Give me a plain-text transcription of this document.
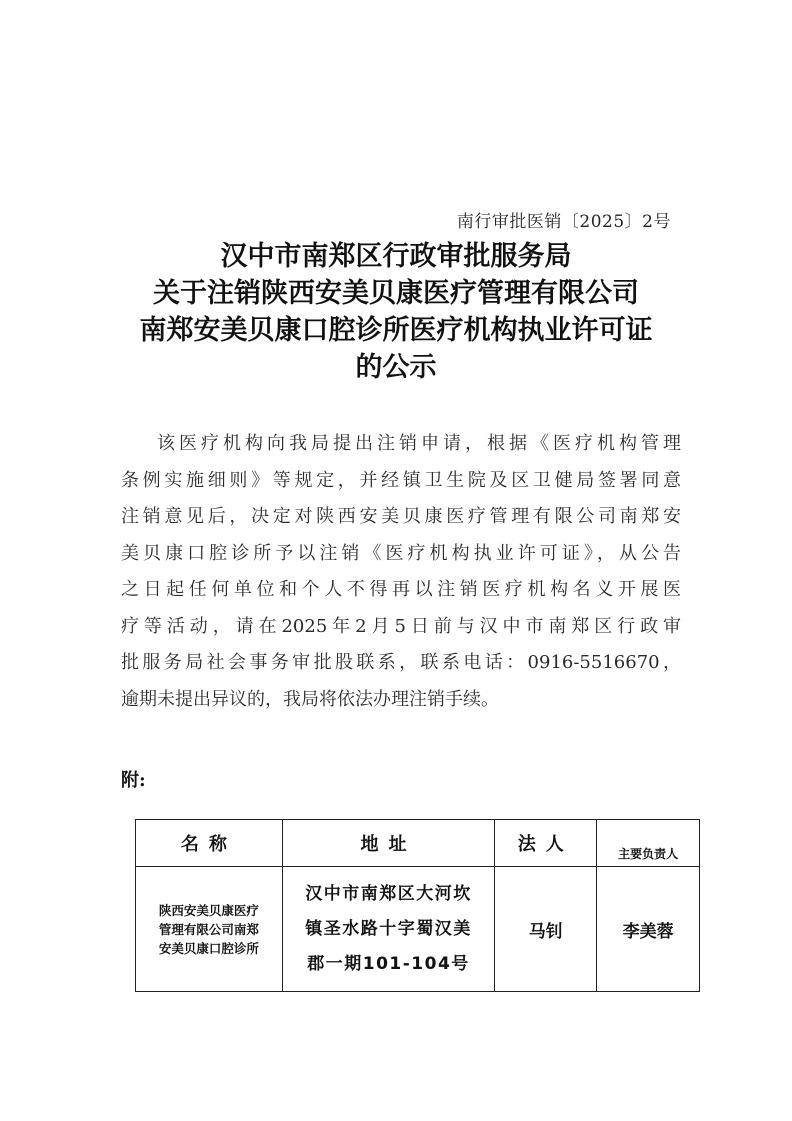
南行审批医销〔2025〕2号
汉中市南郑区行政审批服务局
关于注销陕西安美贝康医疗管理有限公司
南郑安美贝康口腔诊所医疗机构执业许可证
的公示
该医疗机构向我局提出注销申请，根据《医疗机构管理
条例实施细则》等规定，并经镇卫生院及区卫健局签署同意
注销意见后，决定对陕西安美贝康医疗管理有限公司南郑安
美贝康口腔诊所予以注销《医疗机构执业许可证》，从公告
之日起任何单位和个人不得再以注销医疗机构名义开展医
疗等活动，请在2025年2月5日前与汉中市南郑区行政审
批服务局社会事务审批股联系，联系电话：0916-5516670，
逾期未提出异议的，我局将依法办理注销手续。
附:
名称	地址	法人	主要负责人

陕西安美贝康医疗
管理有限公司南郑
安美贝康口腔诊所	汉中市南郑区大河坎
镇圣水路十字蜀汉美
郡一期101-104号	马钊	李美蓉
